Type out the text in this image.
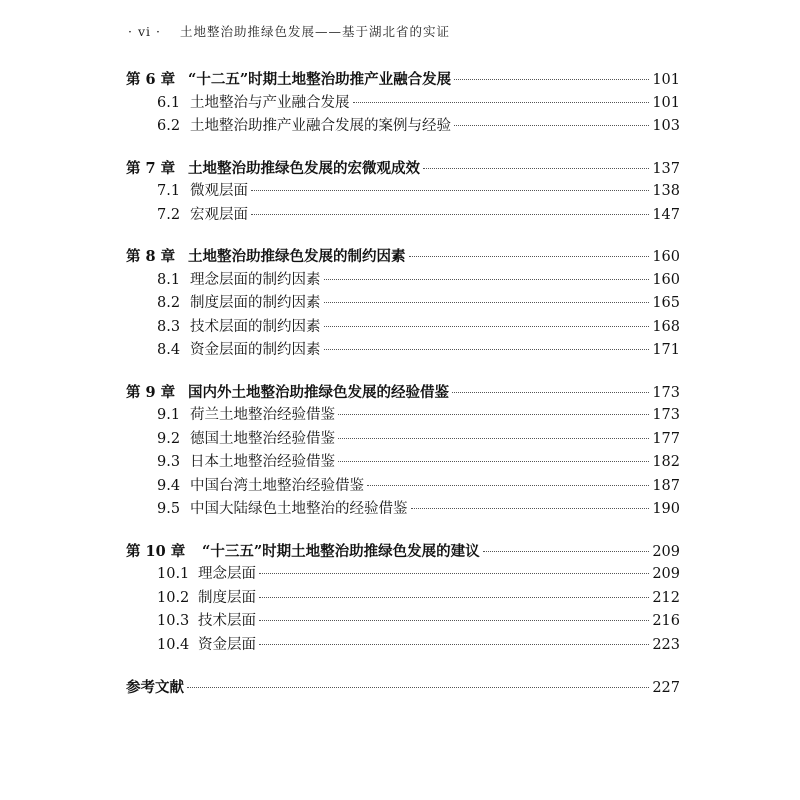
· vi · 土地整治助推绿色发展——基于湖北省的实证
第 6 章 “十二五”时期土地整治助推产业融合发展	101
6.1 土地整治与产业融合发展	101
6.2 土地整治助推产业融合发展的案例与经验	103
第 7 章 土地整治助推绿色发展的宏微观成效	137
7.1 微观层面	138
7.2 宏观层面	147
第 8 章 土地整治助推绿色发展的制约因素	160
8.1 理念层面的制约因素	160
8.2 制度层面的制约因素	165
8.3 技术层面的制约因素	168
8.4 资金层面的制约因素	171
第 9 章 国内外土地整治助推绿色发展的经验借鉴	173
9.1 荷兰土地整治经验借鉴	173
9.2 德国土地整治经验借鉴	177
9.3 日本土地整治经验借鉴	182
9.4 中国台湾土地整治经验借鉴	187
9.5 中国大陆绿色土地整治的经验借鉴	190
第 10 章	“十三五”时期土地整治助推绿色发展的建议	209
10.1 理念层面	209
10.2 制度层面	212
10.3 技术层面	216
10.4 资金层面	223
参考文献	227
